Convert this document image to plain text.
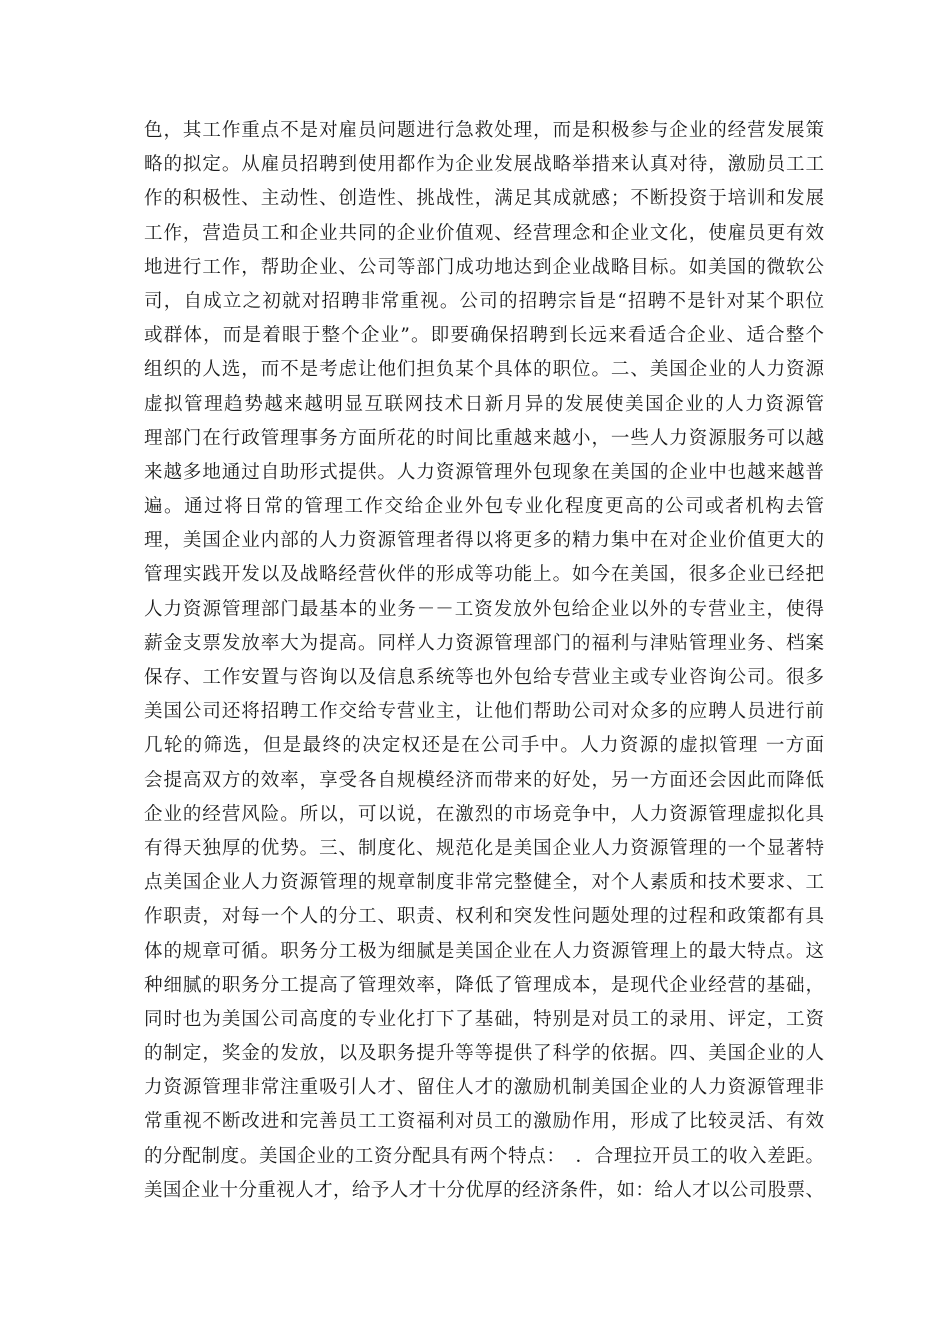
色，其工作重点不是对雇员问题进行急救处理，而是积极参与企业的经营发展策
略的拟定。从雇员招聘到使用都作为企业发展战略举措来认真对待，激励员工工
作的积极性、主动性、创造性、挑战性，满足其成就感；不断投资于培训和发展
工作，营造员工和企业共同的企业价值观、经营理念和企业文化，使雇员更有效
地进行工作，帮助企业、公司等部门成功地达到企业战略目标。如美国的微软公
司，自成立之初就对招聘非常重视。公司的招聘宗旨是“招聘不是针对某个职位
或群体，而是着眼于整个企业”。即要确保招聘到长远来看适合企业、适合整个
组织的人选，而不是考虑让他们担负某个具体的职位。二、美国企业的人力资源
虚拟管理趋势越来越明显互联网技术日新月异的发展使美国企业的人力资源管
理部门在行政管理事务方面所花的时间比重越来越小，一些人力资源服务可以越
来越多地通过自助形式提供。人力资源管理外包现象在美国的企业中也越来越普
遍。通过将日常的管理工作交给企业外包专业化程度更高的公司或者机构去管
理，美国企业内部的人力资源管理者得以将更多的精力集中在对企业价值更大的
管理实践开发以及战略经营伙伴的形成等功能上。如今在美国，很多企业已经把
人力资源管理部门最基本的业务－－工资发放外包给企业以外的专营业主，使得
薪金支票发放率大为提高。同样人力资源管理部门的福利与津贴管理业务、档案
保存、工作安置与咨询以及信息系统等也外包给专营业主或专业咨询公司。很多
美国公司还将招聘工作交给专营业主，让他们帮助公司对众多的应聘人员进行前
几轮的筛选，但是最终的决定权还是在公司手中。人力资源的虚拟管理 一方面
会提高双方的效率，享受各自规模经济而带来的好处，另一方面还会因此而降低
企业的经营风险。所以，可以说，在激烈的市场竞争中，人力资源管理虚拟化具
有得天独厚的优势。三、制度化、规范化是美国企业人力资源管理的一个显著特
点美国企业人力资源管理的规章制度非常完整健全，对个人素质和技术要求、工
作职责，对每一个人的分工、职责、权利和突发性问题处理的过程和政策都有具
体的规章可循。职务分工极为细腻是美国企业在人力资源管理上的最大特点。这
种细腻的职务分工提高了管理效率，降低了管理成本，是现代企业经营的基础，
同时也为美国公司高度的专业化打下了基础，特别是对员工的录用、评定，工资
的制定，奖金的发放，以及职务提升等等提供了科学的依据。四、美国企业的人
力资源管理非常注重吸引人才、留住人才的激励机制美国企业的人力资源管理非
常重视不断改进和完善员工工资福利对员工的激励作用，形成了比较灵活、有效
的分配制度。美国企业的工资分配具有两个特点：　．合理拉开员工的收入差距。
美国企业十分重视人才，给予人才十分优厚的经济条件，如：给人才以公司股票、
